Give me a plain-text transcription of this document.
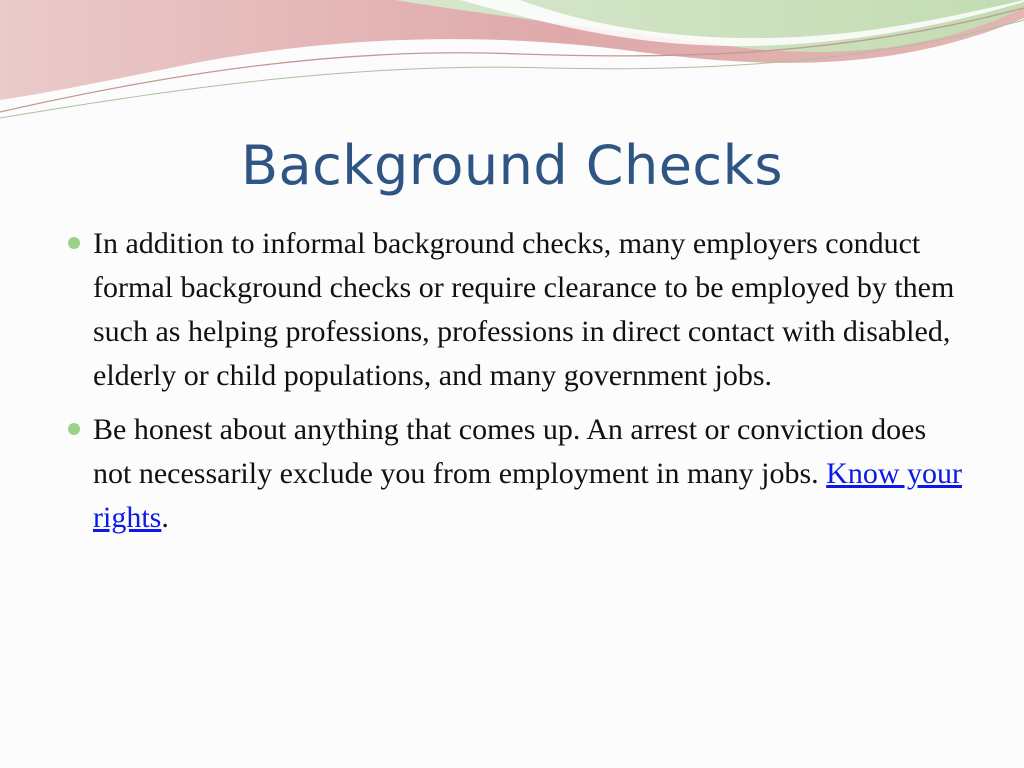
Background Checks
In addition to informal background checks, many employers conduct formal background checks or require clearance to be employed by them such as helping professions, professions in direct contact with disabled, elderly or child populations, and many government jobs.
Be honest about anything that comes up. An arrest or conviction does not necessarily exclude you from employment in many jobs. Know your rights.
